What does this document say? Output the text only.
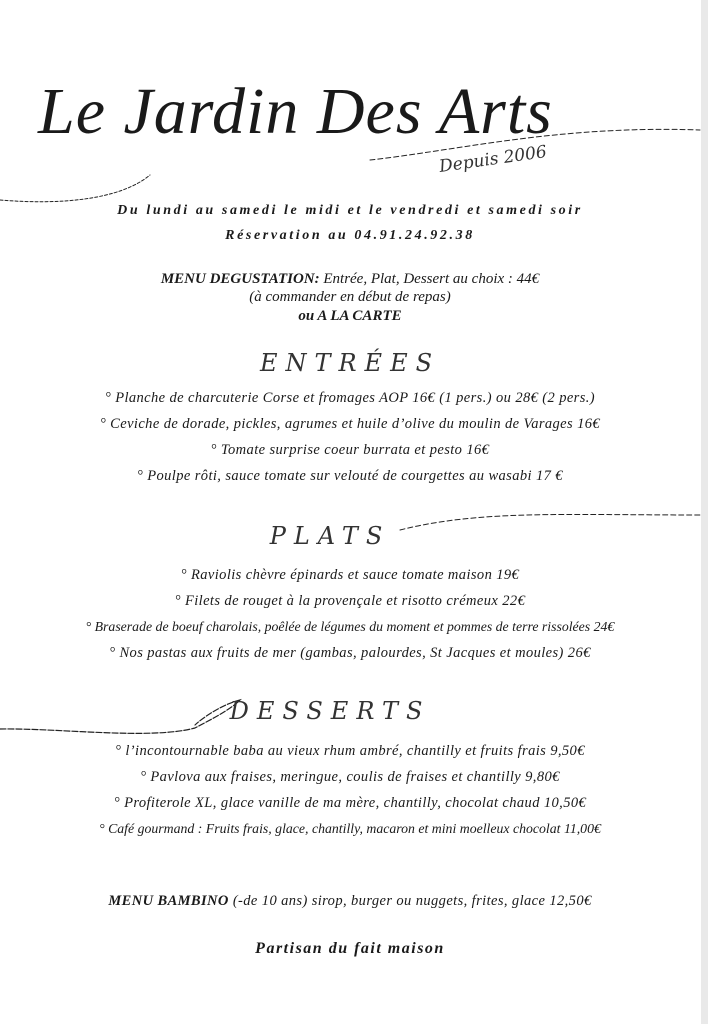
Le Jardin Des Arts
Depuis 2006
Du lundi au samedi le midi et le vendredi et samedi soir
Réservation au 04.91.24.92.38
MENU DEGUSTATION: Entrée, Plat, Dessert au choix : 44€
(à commander en début de repas)
ou A LA CARTE
ENTRÉES
° Planche de charcuterie Corse et fromages AOP 16€ (1 pers.) ou 28€ (2 pers.)
° Ceviche de dorade, pickles, agrumes et huile d’olive du moulin de Varages 16€
° Tomate surprise coeur burrata et pesto 16€
° Poulpe rôti, sauce tomate sur velouté de courgettes au wasabi 17 €
PLATS
° Raviolis chèvre épinards et sauce tomate maison 19€
° Filets de rouget à la provençale et risotto crémeux 22€
° Braserade de boeuf charolais, poêlée de légumes du moment et pommes de terre rissolées 24€
° Nos pastas aux fruits de mer (gambas, palourdes, St Jacques et moules) 26€
DESSERTS
° l’incontournable baba au vieux rhum ambré, chantilly et fruits frais 9,50€
° Pavlova aux fraises, meringue, coulis de fraises et chantilly 9,80€
° Profiterole XL, glace vanille de ma mère, chantilly, chocolat chaud 10,50€
° Café gourmand : Fruits frais, glace, chantilly, macaron et mini moelleux chocolat 11,00€
MENU BAMBINO (-de 10 ans) sirop, burger ou nuggets, frites, glace 12,50€
Partisan du fait maison
